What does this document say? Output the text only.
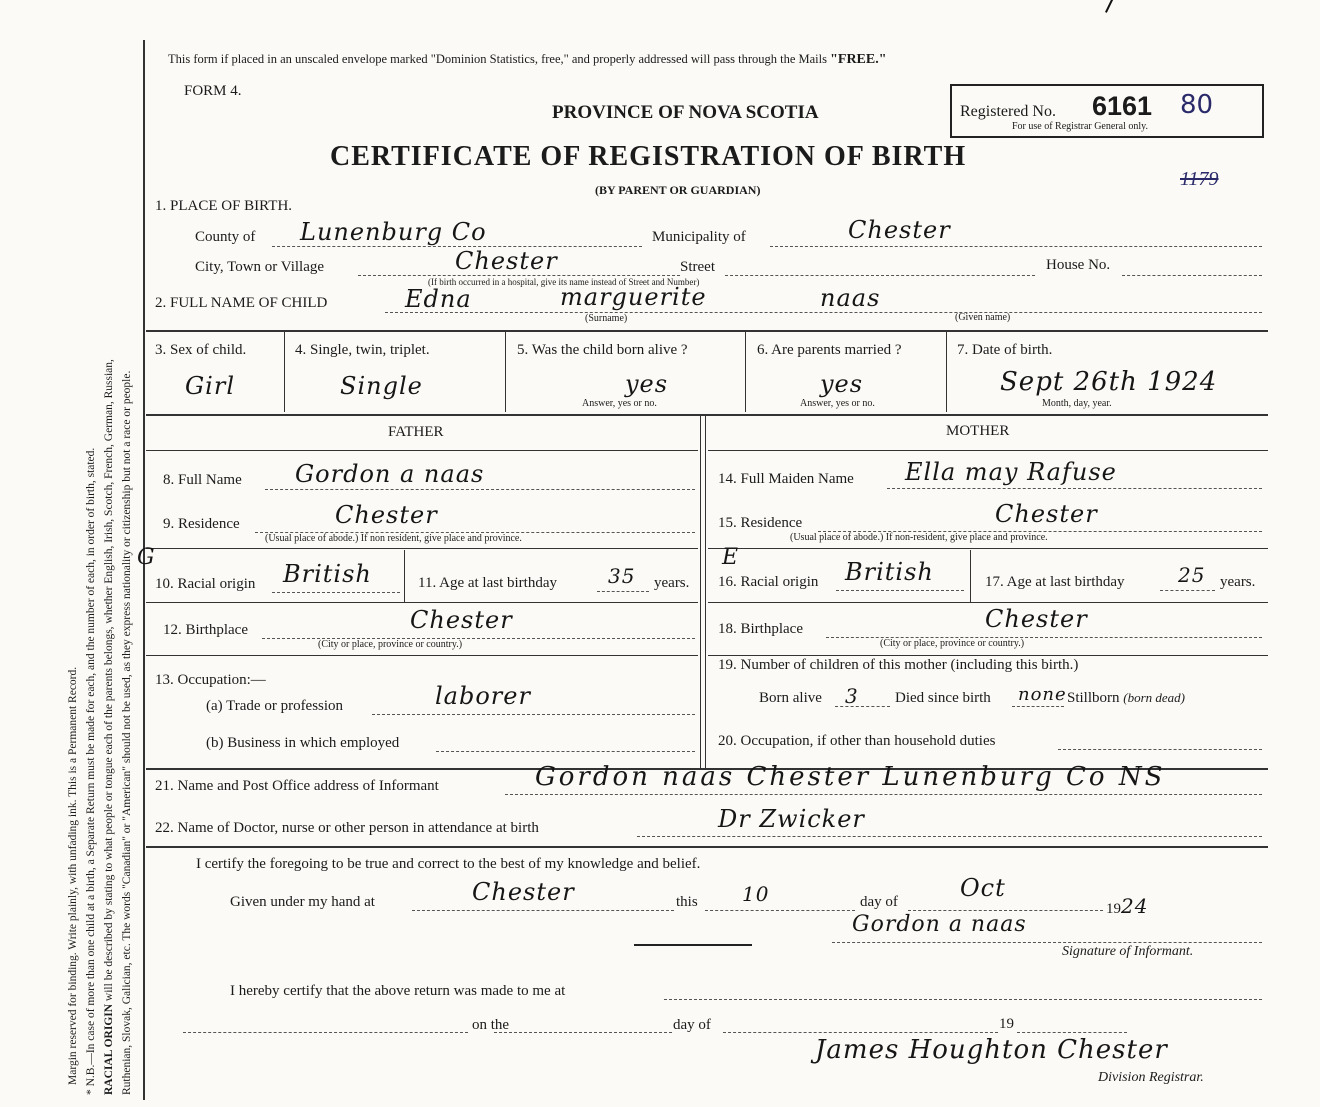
Margin reserved for binding. Write plainly, with unfading ink. This is a Permanent Record. * N.B.—In case of more than one child at a birth, a Separate Return must be made for each, and the number of each, in order of birth, stated. RACIAL ORIGIN will be described by stating to what people or tongue each of the parents belongs, whether English, Irish, Scotch, French, German, Russian, Ruthenian, Slovak, Galician, etc. The words "Canadian" or "American" should not be used, as they express nationality or citizenship but not a race or people.
This form if placed in an unscaled envelope marked "Dominion Statistics, free," and properly addressed will pass through the Mails "FREE."
FORM 4.
PROVINCE OF NOVA SCOTIA
CERTIFICATE OF REGISTRATION OF BIRTH
(BY PARENT OR GUARDIAN)
Registered No. 6161 80
For use of Registrar General only.
1179
1. PLACE OF BIRTH.
County of Lunenburg Co	Municipality of	Chester
City, Town or Village	Chester
(If birth occurred in a hospital, give its name instead of Street and Number)
Street	House No.
2. FULL NAME OF CHILD	Edna	marguerite	naas
(Surname)	(Given name)
3. Sex of child.
Girl
4. Single, twin, triplet.
Single
5. Was the child born alive ?
yes
Answer, yes or no.
6. Are parents married ?
yes
Answer, yes or no.
7. Date of birth.
Sept 26th 1924
Month, day, year.
FATHER	MOTHER
8. Full Name Gordon a naas	14. Full Maiden Name Ella may Rafuse
9. Residence	Chester
(Usual place of abode.) If non resident, give place and province.
15. Residence	Chester
(Usual place of abode.) If non-resident, give place and province.
G
10. Racial origin British	11. Age at last birthday	35 years.
E
16. Racial origin British	17. Age at last birthday	25 years.
12. Birthplace	Chester
(City or place, province or country.)
18. Birthplace	Chester
(City or place, province or country.)
13. Occupation:—
(a) Trade or profession	laborer
(b) Business in which employed
19. Number of children of this mother (including this birth.)
Born alive 3 Died since birth none Stillborn (born dead)
20. Occupation, if other than household duties
21. Name and Post Office address of Informant	Gordon naas Chester Lunenburg Co NS
22. Name of Doctor, nurse or other person in attendance at birth	Dr Zwicker
I certify the foregoing to be true and correct to the best of my knowledge and belief.
Given under my hand at	Chester	this 10	day of	Oct
1924
Gordon a naas
Signature of Informant.
I hereby certify that the above return was made to me at
on the	day of	19
James Houghton Chester
Division Registrar.
